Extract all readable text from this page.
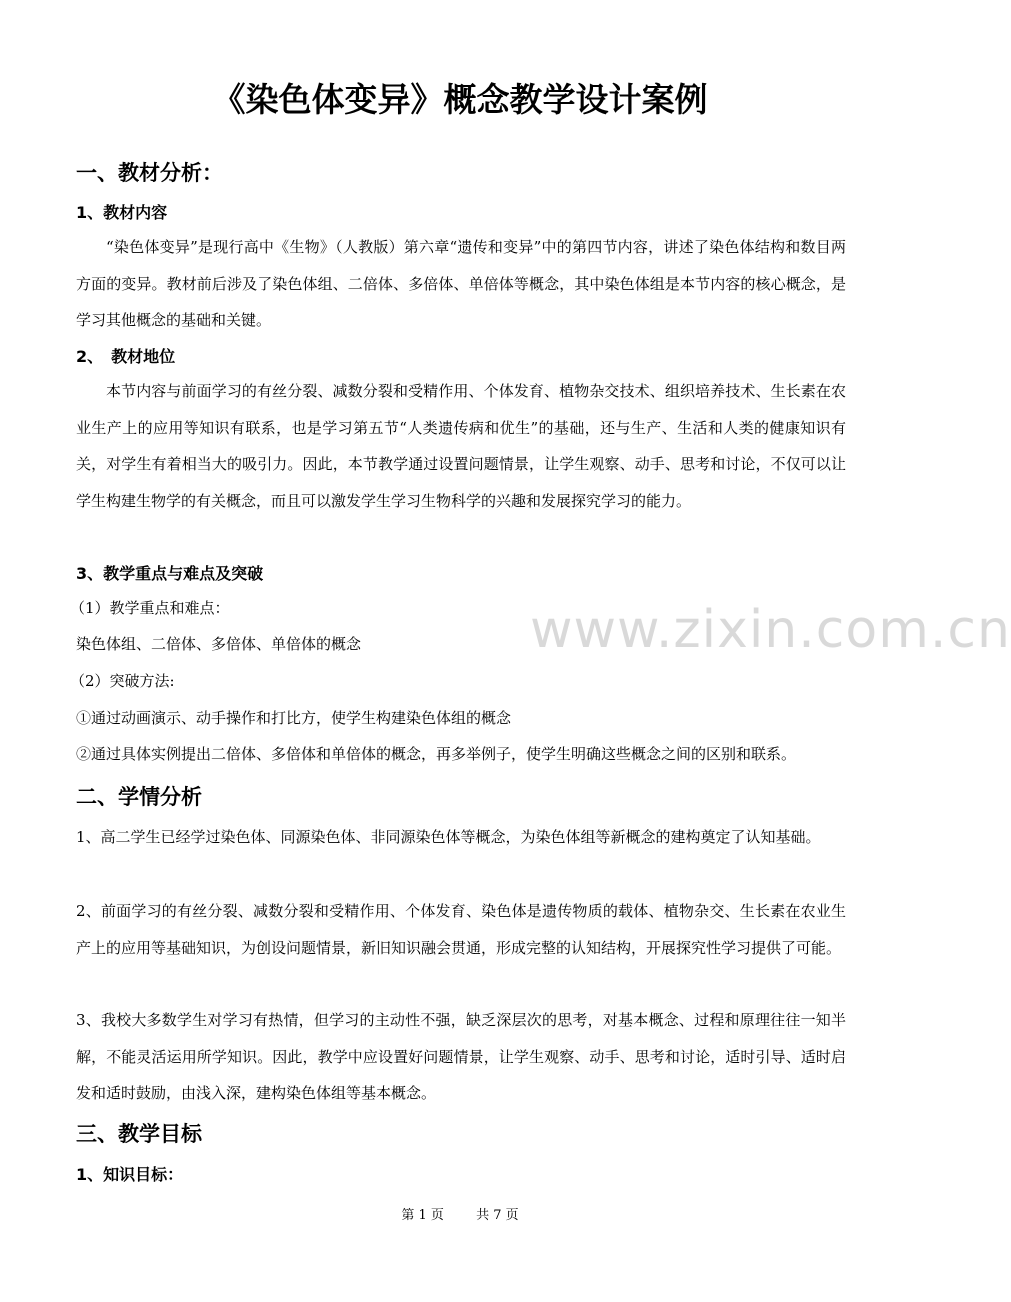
《染色体变异》概念教学设计案例
一、教材分析：
1、教材内容
“染色体变异”是现行高中《生物》（人教版）第六章“遗传和变异”中的第四节内容，讲述了染色体结构和数目两方面的变异。教材前后涉及了染色体组、二倍体、多倍体、单倍体等概念，其中染色体组是本节内容的核心概念，是学习其他概念的基础和关键。
2、　教材地位
本节内容与前面学习的有丝分裂、减数分裂和受精作用、个体发育、植物杂交技术、组织培养技术、生长素在农业生产上的应用等知识有联系，也是学习第五节“人类遗传病和优生”的基础，还与生产、生活和人类的健康知识有关，对学生有着相当大的吸引力。因此，本节教学通过设置问题情景，让学生观察、动手、思考和讨论，不仅可以让学生构建生物学的有关概念，而且可以激发学生学习生物科学的兴趣和发展探究学习的能力。
3、教学重点与难点及突破
（1）教学重点和难点：
染色体组、二倍体、多倍体、单倍体的概念
（2）突破方法:
①通过动画演示、动手操作和打比方，使学生构建染色体组的概念
②通过具体实例提出二倍体、多倍体和单倍体的概念，再多举例子，使学生明确这些概念之间的区别和联系。
二、学情分析
1、高二学生已经学过染色体、同源染色体、非同源染色体等概念，为染色体组等新概念的建构奠定了认知基础。
2、前面学习的有丝分裂、减数分裂和受精作用、个体发育、染色体是遗传物质的载体、植物杂交、生长素在农业生产上的应用等基础知识，为创设问题情景，新旧知识融会贯通，形成完整的认知结构，开展探究性学习提供了可能。
3、我校大多数学生对学习有热情，但学习的主动性不强，缺乏深层次的思考，对基本概念、过程和原理往往一知半解，不能灵活运用所学知识。因此，教学中应设置好问题情景，让学生观察、动手、思考和讨论，适时引导、适时启发和适时鼓励，由浅入深，建构染色体组等基本概念。
三、教学目标
1、知识目标：
www.zixin.com.cn
第 1 页 共 7 页
